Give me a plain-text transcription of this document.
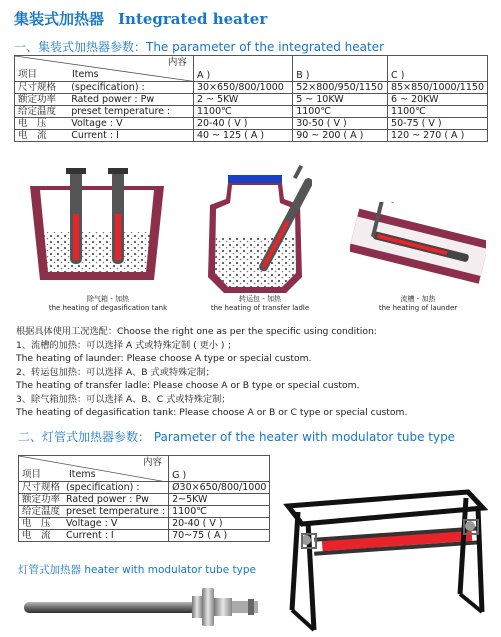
集装式加热器 Integrated heater
一、集装式加热器参数：The parameter of the integrated heater
内容
项目 Items		A )	B )	C )
尺寸规格	(specification) :	30×650/800/1000	52×800/950/1150	85×850/1000/1150
额定功率	Rated power : Pw	2 ~ 5KW	5 ~ 10KW	6 ~ 20KW
给定温度	preset temperature :	1100℃	1100℃	1100℃
电　压	Voltage : V	20-40 ( V )	30-50 ( V )	50-75 ( V )
电　流	Current : I	40 ~ 125 ( A )	90 ~ 200 ( A )	120 ~ 270 ( A )
除气箱 - 加热
the heating of degasification tank
转运包 - 加热
the heating of transfer ladle
流槽 - 加热
the heating of launder
根据具体使用工况选配：Choose the right one as per the specific using condition:
1、流槽的加热：可以选择 A 式或特殊定制 ( 更小 ) ；
The heating of launder: Please choose A type or special custom.
2、转运包加热：可以选择 A、B 式或特殊定制；
The heating of transfer ladle: Please choose A or B type or special custom.
3、除气箱加热：可以选择 A、B、C 式或特殊定制；
The heating of degasification tank: Please choose A or B or C type or special custom.
二、灯管式加热器参数： Parameter of the heater with modulator tube type
内容
项目 Items		G )
尺寸规格	(specification) :	Ø30×650/800/1000
额定功率	Rated power : Pw	2~5KW
给定温度	preset temperature :	1100℃
电　压	Voltage : V	20-40 ( V )
电　流	Current : I	70~75 ( A )
灯管式加热器 heater with modulator tube type
